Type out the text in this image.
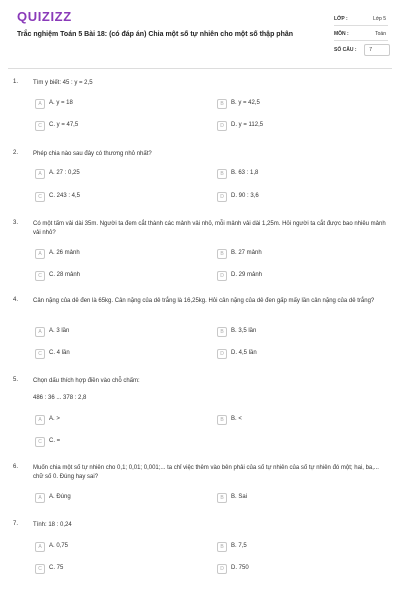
QUIZIZZ
Trắc nghiệm Toán 5 Bài 18: (có đáp án) Chia một số tự nhiên cho một số thập phân
LỚP :	Lớp 5
MÔN :	Toán
SỐ CÂU :	7
1. Tìm y biết: 45 : y = 2,5
A	A. y = 18	B	B. y = 42,5
C	C. y = 47,5	D	D. y = 112,5
2. Phép chia nào sau đây có thương nhỏ nhất?
A	A. 27 : 0,25	B	B. 63 : 1,8
C	C. 243 : 4,5	D	D. 90 : 3,6
3. Có một tấm vải dài 35m. Người ta đem cắt thành các mảnh vải nhỏ, mỗi mảnh vải dài 1,25m. Hỏi người ta cắt được bao nhiêu mảnh vải nhỏ?
A	A. 26 mảnh	B	B. 27 mảnh
C	C. 28 mảnh	D	D. 29 mảnh
4. Cân nặng của dê đen là 65kg. Cân nặng của dê trắng là 16,25kg. Hỏi cân nặng của dê đen gấp mấy lần cân nặng của dê trắng?
A	A. 3 lần	B	B. 3,5 lần
C	C. 4 lần	D	D. 4,5 lần
5. Chọn dấu thích hợp điền vào chỗ chấm:
486 : 36 ... 378 : 2,8
A	A. >	B	B. <
C	C. =
6. Muốn chia một số tự nhiên cho 0,1; 0,01; 0,001;... ta chỉ việc thêm vào bên phải của số tự nhiên của số tự nhiên đó một; hai, ba,... chữ số 0. Đúng hay sai?
A	A. Đúng	B	B. Sai
7. Tính: 18 : 0,24
A	A. 0,75	B	B. 7,5
C	C. 75	D	D. 750
